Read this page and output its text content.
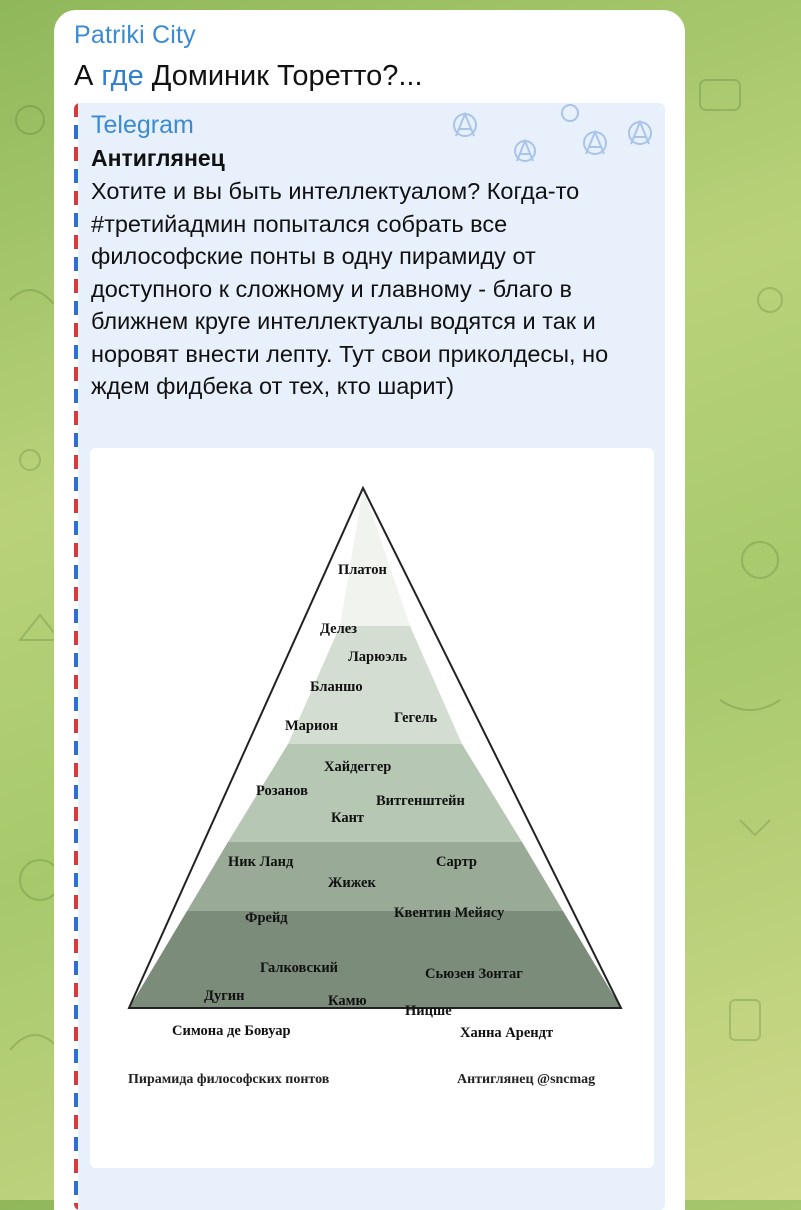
Patriki City
А где Доминик Торетто?...
Telegram
Антиглянец
Хотите и вы быть интеллектуалом? Когда-то #третийадмин попытался собрать все философские понты в одну пирамиду от доступного к сложному и главному - благо в ближнем круге интеллектуалы водятся и так и норовят внести лепту. Тут свои приколдесы, но ждем фидбека от тех, кто шарит)
Платон
Делез
Ларюэль
Бланшо
Гегель
Марион
Хайдеггер
Розанов
Витгенштейн
Кант
Ник Ланд	Сартр
Жижек
Квентин Мейясу
Фрейд
Галковский	Сьюзен Зонтаг
Дугин	Камю
Ницше
Симона де Бовуар	Ханна Арендт
Пирамида философских понтов	Антиглянец @sncmag
